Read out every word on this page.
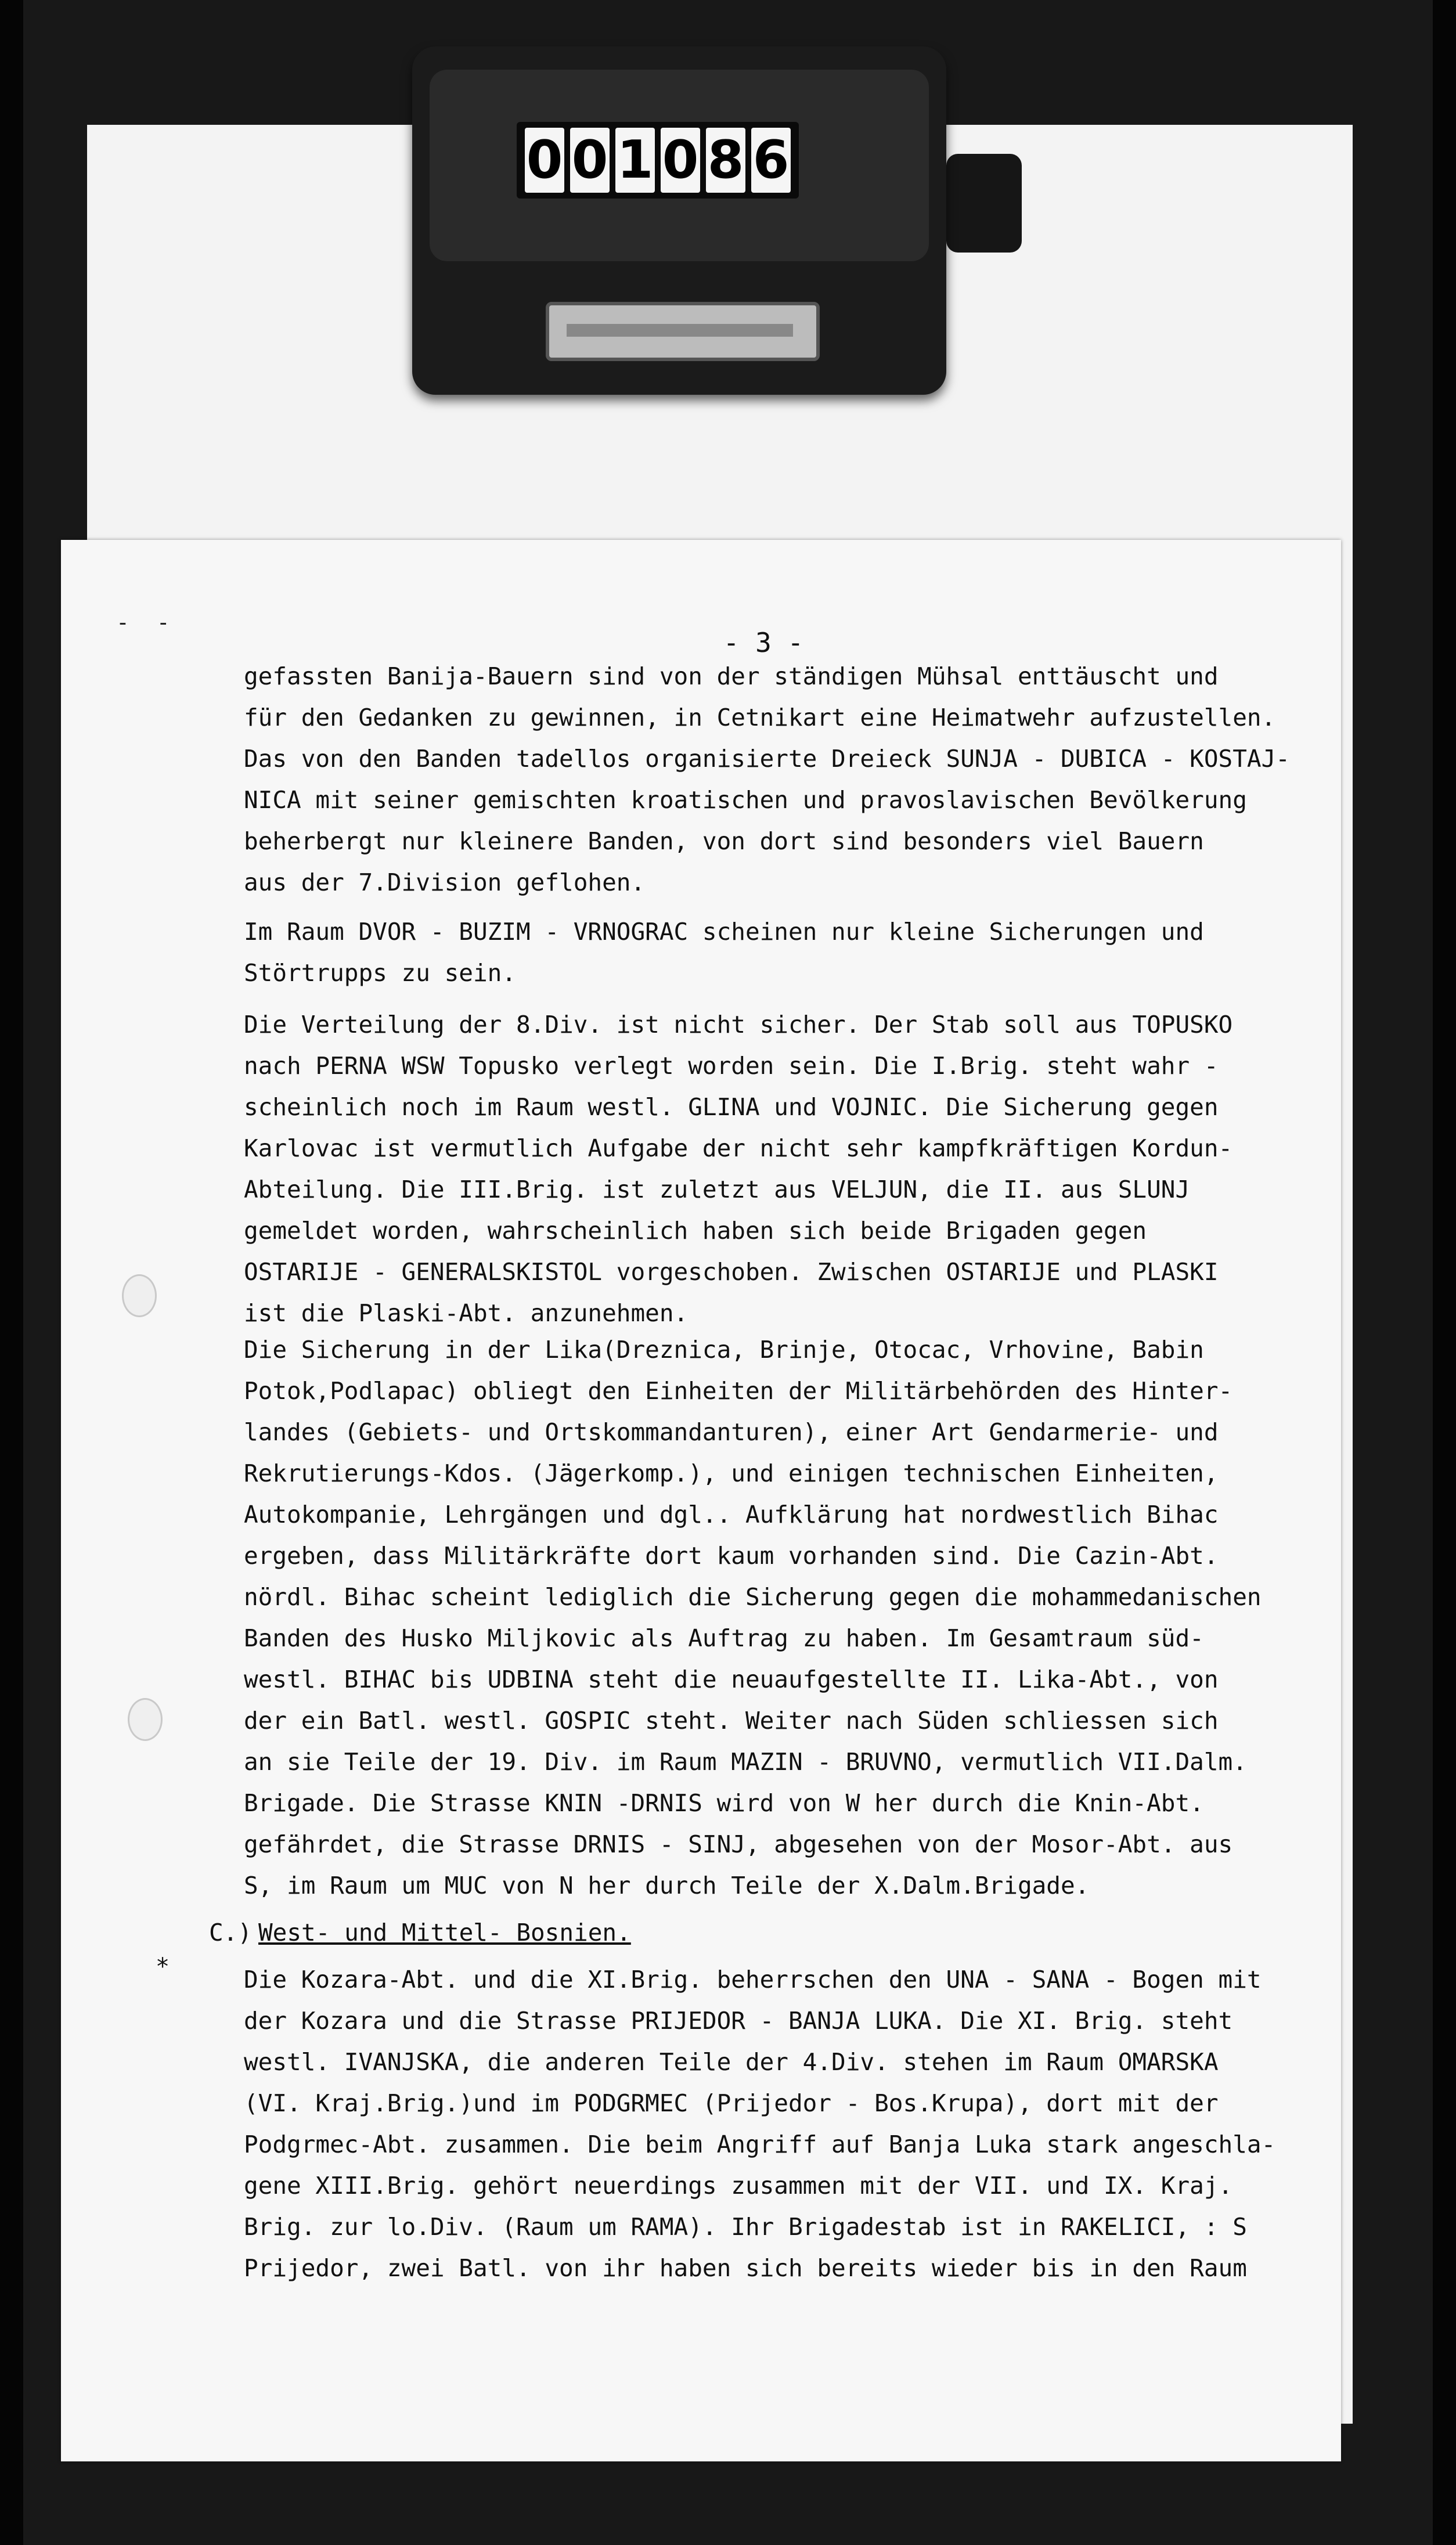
0 0 1 0 8 6
- -
- 3 -
gefassten Banija-Bauern sind von der ständigen Mühsal enttäuscht und
für den Gedanken zu gewinnen, in Cetnikart eine Heimatwehr aufzustellen.
Das von den Banden tadellos organisierte Dreieck SUNJA - DUBICA - KOSTAJ-
NICA mit seiner gemischten kroatischen und pravoslavischen Bevölkerung
beherbergt nur kleinere Banden, von dort sind besonders viel Bauern
aus der 7.Division geflohen.
Im Raum DVOR - BUZIM - VRNOGRAC scheinen nur kleine Sicherungen und
Störtrupps zu sein.
Die Verteilung der 8.Div. ist nicht sicher. Der Stab soll aus TOPUSKO
nach PERNA WSW Topusko verlegt worden sein. Die I.Brig. steht wahr -
scheinlich noch im Raum westl. GLINA und VOJNIC. Die Sicherung gegen
Karlovac ist vermutlich Aufgabe der nicht sehr kampfkräftigen Kordun-
Abteilung. Die III.Brig. ist zuletzt aus VELJUN, die II. aus SLUNJ
gemeldet worden, wahrscheinlich haben sich beide Brigaden gegen
OSTARIJE - GENERALSKISTOL vorgeschoben. Zwischen OSTARIJE und PLASKI
ist die Plaski-Abt. anzunehmen.
Die Sicherung in der Lika(Dreznica, Brinje, Otocac, Vrhovine, Babin
Potok,Podlapac) obliegt den Einheiten der Militärbehörden des Hinter-
landes (Gebiets- und Ortskommandanturen), einer Art Gendarmerie- und
Rekrutierungs-Kdos. (Jägerkomp.), und einigen technischen Einheiten,
Autokompanie, Lehrgängen und dgl.. Aufklärung hat nordwestlich Bihac
ergeben, dass Militärkräfte dort kaum vorhanden sind. Die Cazin-Abt.
nördl. Bihac scheint lediglich die Sicherung gegen die mohammedanischen
Banden des Husko Miljkovic als Auftrag zu haben. Im Gesamtraum süd-
westl. BIHAC bis UDBINA steht die neuaufgestellte II. Lika-Abt., von
der ein Batl. westl. GOSPIC steht. Weiter nach Süden schliessen sich
an sie Teile der 19. Div. im Raum MAZIN - BRUVNO, vermutlich VII.Dalm.
Brigade. Die Strasse KNIN -DRNIS wird von W her durch die Knin-Abt.
gefährdet, die Strasse DRNIS - SINJ, abgesehen von der Mosor-Abt. aus
S, im Raum um MUC von N her durch Teile der X.Dalm.Brigade.
C.) West- und Mittel- Bosnien.
Die Kozara-Abt. und die XI.Brig. beherrschen den UNA - SANA - Bogen mit
der Kozara und die Strasse PRIJEDOR - BANJA LUKA. Die XI. Brig. steht
westl. IVANJSKA, die anderen Teile der 4.Div. stehen im Raum OMARSKA
(VI. Kraj.Brig.)und im PODGRMEC (Prijedor - Bos.Krupa), dort mit der
Podgrmec-Abt. zusammen. Die beim Angriff auf Banja Luka stark angeschla-
gene XIII.Brig. gehört neuerdings zusammen mit der VII. und IX. Kraj.
Brig. zur lo.Div. (Raum um RAMA). Ihr Brigadestab ist in RAKELICI, : S
Prijedor, zwei Batl. von ihr haben sich bereits wieder bis in den Raum
*
